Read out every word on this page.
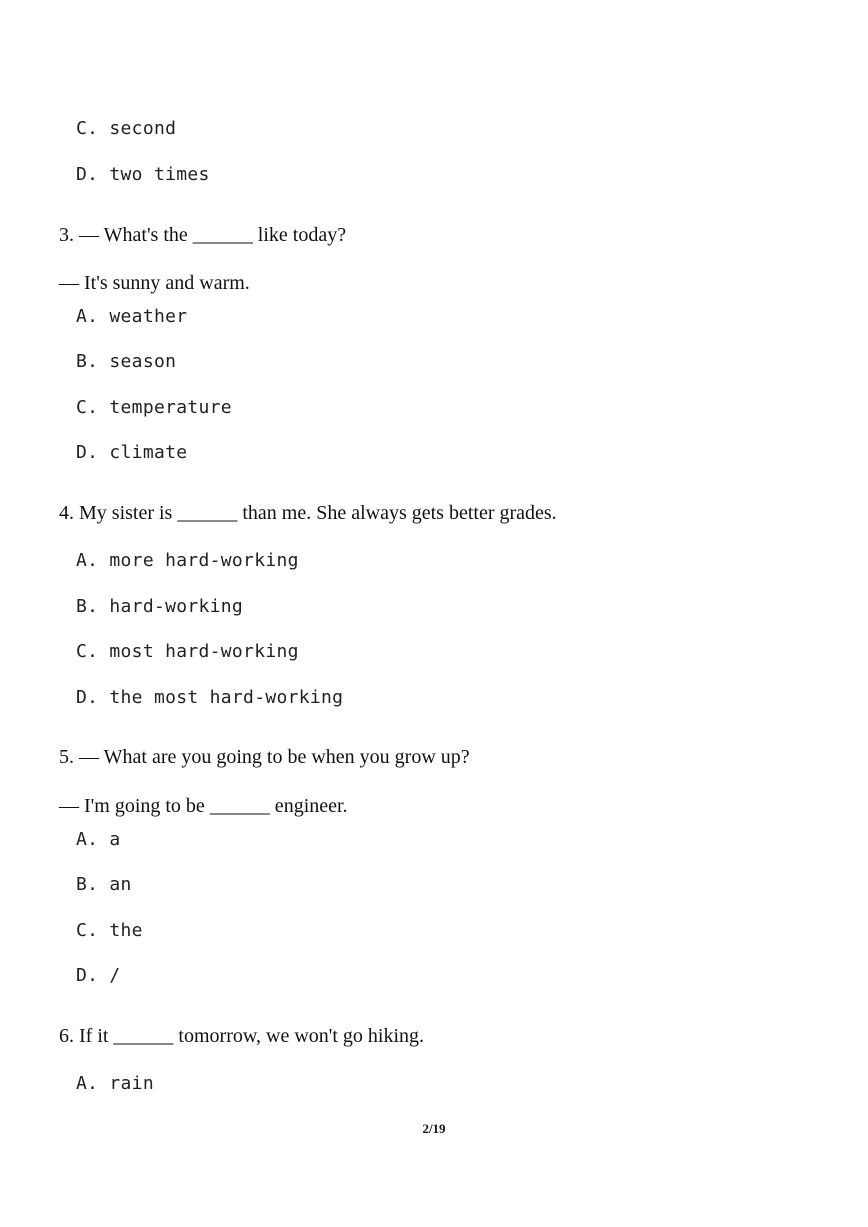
C. second
D. two times
3. — What's the ______ like today?
— It's sunny and warm.
A. weather
B. season
C. temperature
D. climate
4. My sister is ______ than me. She always gets better grades.
A. more hard-working
B. hard-working
C. most hard-working
D. the most hard-working
5. — What are you going to be when you grow up?
— I'm going to be ______ engineer.
A. a
B. an
C. the
D. /
6. If it ______ tomorrow, we won't go hiking.
A. rain
2/19
